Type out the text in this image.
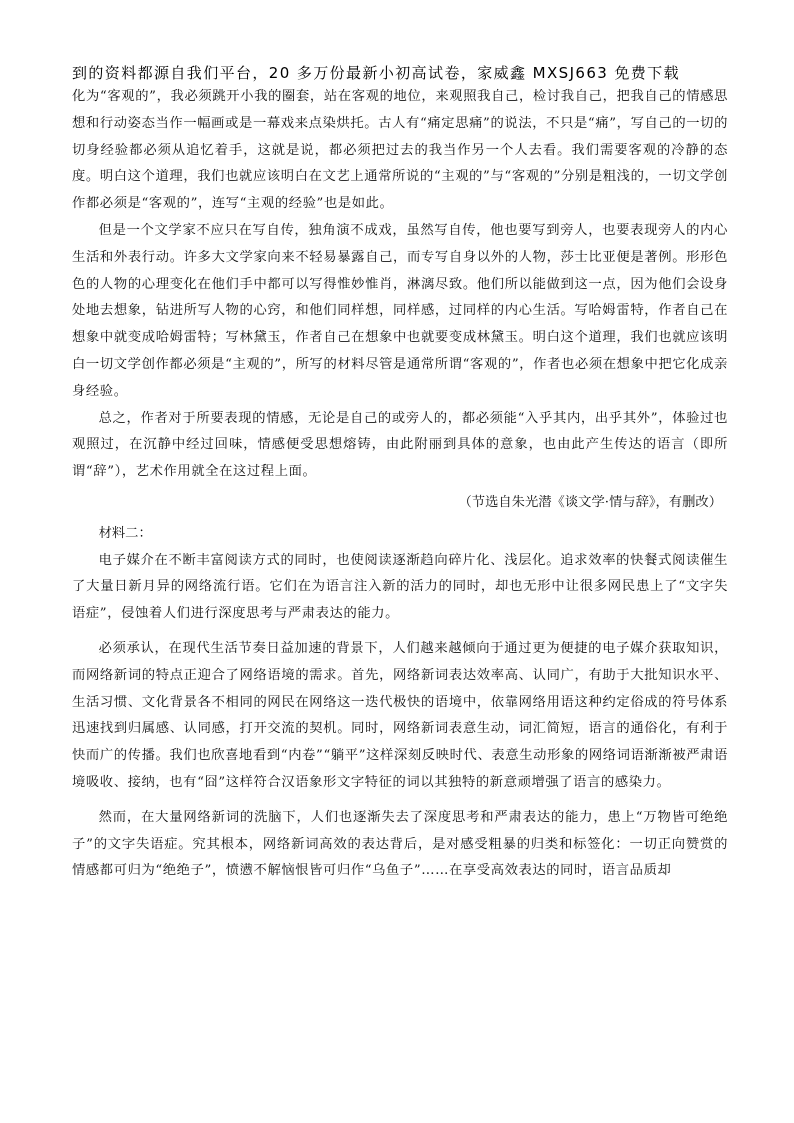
到的资料都源自我们平台，20 多万份最新小初高试卷，家威鑫 MXSJ663 免费下载

化为“客观的”，我必须跳开小我的圈套，站在客观的地位，来观照我自己，检讨我自己，把我自己的情感思想和行动姿态当作一幅画或是一幕戏来点染烘托。古人有“痛定思痛”的说法，不只是“痛”，写自己的一切的切身经验都必须从追忆着手，这就是说，都必须把过去的我当作另一个人去看。我们需要客观的冷静的态度。明白这个道理，我们也就应该明白在文艺上通常所说的“主观的”与“客观的”分别是粗浅的，一切文学创作都必须是“客观的”，连写“主观的经验”也是如此。

但是一个文学家不应只在写自传，独角演不成戏，虽然写自传，他也要写到旁人，也要表现旁人的内心生活和外表行动。许多大文学家向来不轻易暴露自己，而专写自身以外的人物，莎士比亚便是著例。形形色色的人物的心理变化在他们手中都可以写得惟妙惟肖，淋漓尽致。他们所以能做到这一点，因为他们会设身处地去想象，钻进所写人物的心窍，和他们同样想，同样感，过同样的内心生活。写哈姆雷特，作者自己在想象中就变成哈姆雷特；写林黛玉，作者自己在想象中也就要变成林黛玉。明白这个道理，我们也就应该明白一切文学创作都必须是“主观的”，所写的材料尽管是通常所谓“客观的”，作者也必须在想象中把它化成亲身经验。

总之，作者对于所要表现的情感，无论是自己的或旁人的，都必须能“入乎其内，出乎其外”，体验过也观照过，在沉静中经过回味，情感便受思想熔铸，由此附丽到具体的意象，也由此产生传达的语言（即所谓“辞”），艺术作用就全在这过程上面。

（节选自朱光潜《谈文学·情与辞》，有删改）

材料二：

电子媒介在不断丰富阅读方式的同时，也使阅读逐渐趋向碎片化、浅层化。追求效率的快餐式阅读催生了大量日新月异的网络流行语。它们在为语言注入新的活力的同时，却也无形中让很多网民患上了“文字失语症”，侵蚀着人们进行深度思考与严肃表达的能力。

必须承认，在现代生活节奏日益加速的背景下，人们越来越倾向于通过更为便捷的电子媒介获取知识，而网络新词的特点正迎合了网络语境的需求。首先，网络新词表达效率高、认同广，有助于大批知识水平、生活习惯、文化背景各不相同的网民在网络这一迭代极快的语境中，依靠网络用语这种约定俗成的符号体系迅速找到归属感、认同感，打开交流的契机。同时，网络新词表意生动，词汇简短，语言的通俗化，有利于快而广的传播。我们也欣喜地看到“内卷”“躺平”这样深刻反映时代、表意生动形象的网络词语渐渐被严肃语境吸收、接纳，也有“囧”这样符合汉语象形文字特征的词以其独特的新意顽增强了语言的感染力。

然而，在大量网络新词的洗脑下，人们也逐渐失去了深度思考和严肃表达的能力，患上“万物皆可绝绝子”的文字失语症。究其根本，网络新词高效的表达背后，是对感受粗暴的归类和标签化：一切正向赞赏的情感都可归为“绝绝子”，愤懑不解恼恨皆可归作“乌鱼子”……在享受高效表达的同时，语言品质却
